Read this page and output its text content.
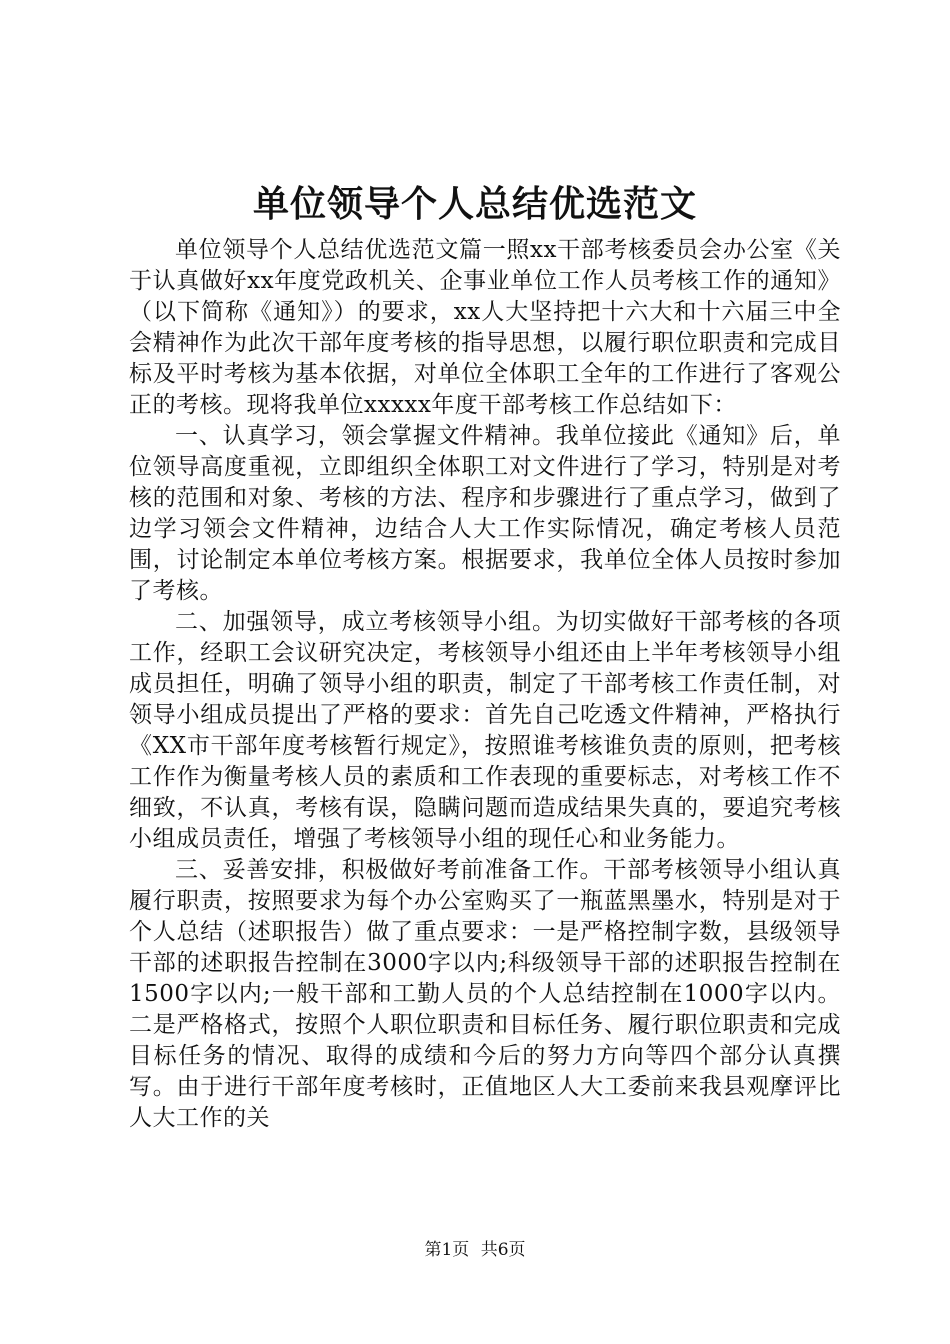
单位领导个人总结优选范文

单位领导个人总结优选范文篇一照xx干部考核委员会办公室《关于认真做好xx年度党政机关、企事业单位工作人员考核工作的通知》（以下简称《通知》）的要求，xx人大坚持把十六大和十六届三中全会精神作为此次干部年度考核的指导思想，以履行职位职责和完成目标及平时考核为基本依据，对单位全体职工全年的工作进行了客观公正的考核。现将我单位xxxxx年度干部考核工作总结如下：

一、认真学习，领会掌握文件精神。我单位接此《通知》后，单位领导高度重视，立即组织全体职工对文件进行了学习，特别是对考核的范围和对象、考核的方法、程序和步骤进行了重点学习，做到了边学习领会文件精神，边结合人大工作实际情况，确定考核人员范围，讨论制定本单位考核方案。根据要求，我单位全体人员按时参加了考核。

二、加强领导，成立考核领导小组。为切实做好干部考核的各项工作，经职工会议研究决定，考核领导小组还由上半年考核领导小组成员担任，明确了领导小组的职责，制定了干部考核工作责任制，对领导小组成员提出了严格的要求：首先自己吃透文件精神，严格执行《XX市干部年度考核暂行规定》，按照谁考核谁负责的原则，把考核工作作为衡量考核人员的素质和工作表现的重要标志，对考核工作不细致，不认真，考核有误，隐瞒问题而造成结果失真的，要追究考核小组成员责任，增强了考核领导小组的现任心和业务能力。

三、妥善安排，积极做好考前准备工作。干部考核领导小组认真履行职责，按照要求为每个办公室购买了一瓶蓝黑墨水，特别是对于个人总结（述职报告）做了重点要求：一是严格控制字数，县级领导干部的述职报告控制在3000字以内;科级领导干部的述职报告控制在1500字以内;一般干部和工勤人员的个人总结控制在1000字以内。二是严格格式，按照个人职位职责和目标任务、履行职位职责和完成目标任务的情况、取得的成绩和今后的努力方向等四个部分认真撰写。由于进行干部年度考核时，正值地区人大工委前来我县观摩评比人大工作的关

第1页 共6页
